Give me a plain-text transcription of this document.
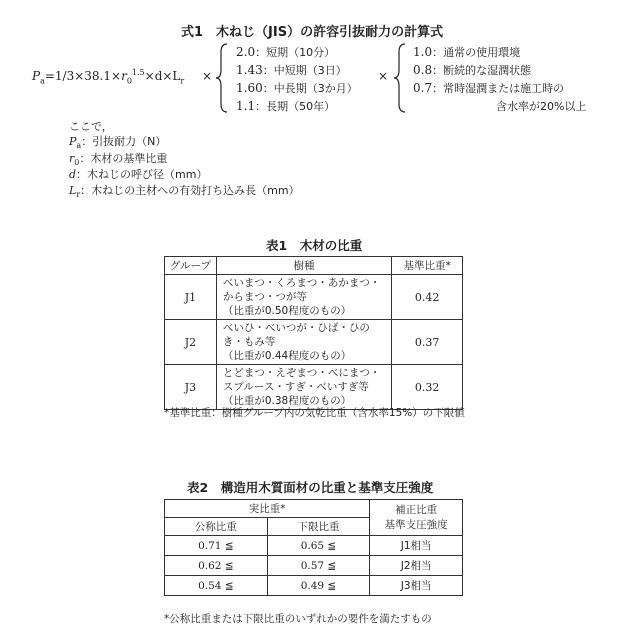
式1　木ねじ（JIS）の許容引抜耐力の計算式
$P_a=1/3\times 38.1\times r_0^{1.5}\times d\times L_r$ ×
2.0：短期（10分）
1.43：中短期（3日）
1.60：中長期（3か月）
1.1：長期（50年）
×
1.0：通常の使用環境
0.8：断続的な湿潤状態
0.7：常時湿潤または施工時の
含水率が20%以上
ここで，
$P_a$：引抜耐力（N）
$r_0$：木材の基準比重
d：木ねじの呼び径（mm）
$L_r$：木ねじの主材への有効打ち込み長（mm）
表1　木材の比重
グループ	樹種	基準比重*
J1	べいまつ・くろまつ・あかまつ・
からまつ・つが等
（比重が0.50程度のもの）	0.42
J2	べいひ・べいつが・ひば・ひの
き・もみ等
（比重が0.44程度のもの）	0.37
J3	とどまつ・えぞまつ・べにまつ・
スプルース・すぎ・べいすぎ等
（比重が0.38程度のもの）	0.32
*基準比重：樹種グループ内の気乾比重（含水率15%）の下限値
表2　構造用木質面材の比重と基準支圧強度
実比重*		補正比重
基準支圧強度

公称比重	下限比重	
0.71 ≦	0.65 ≦	J1相当
0.62 ≦	0.57 ≦	J2相当
0.54 ≦	0.49 ≦	J3相当
*公称比重または下限比重のいずれかの要件を満たすもの
